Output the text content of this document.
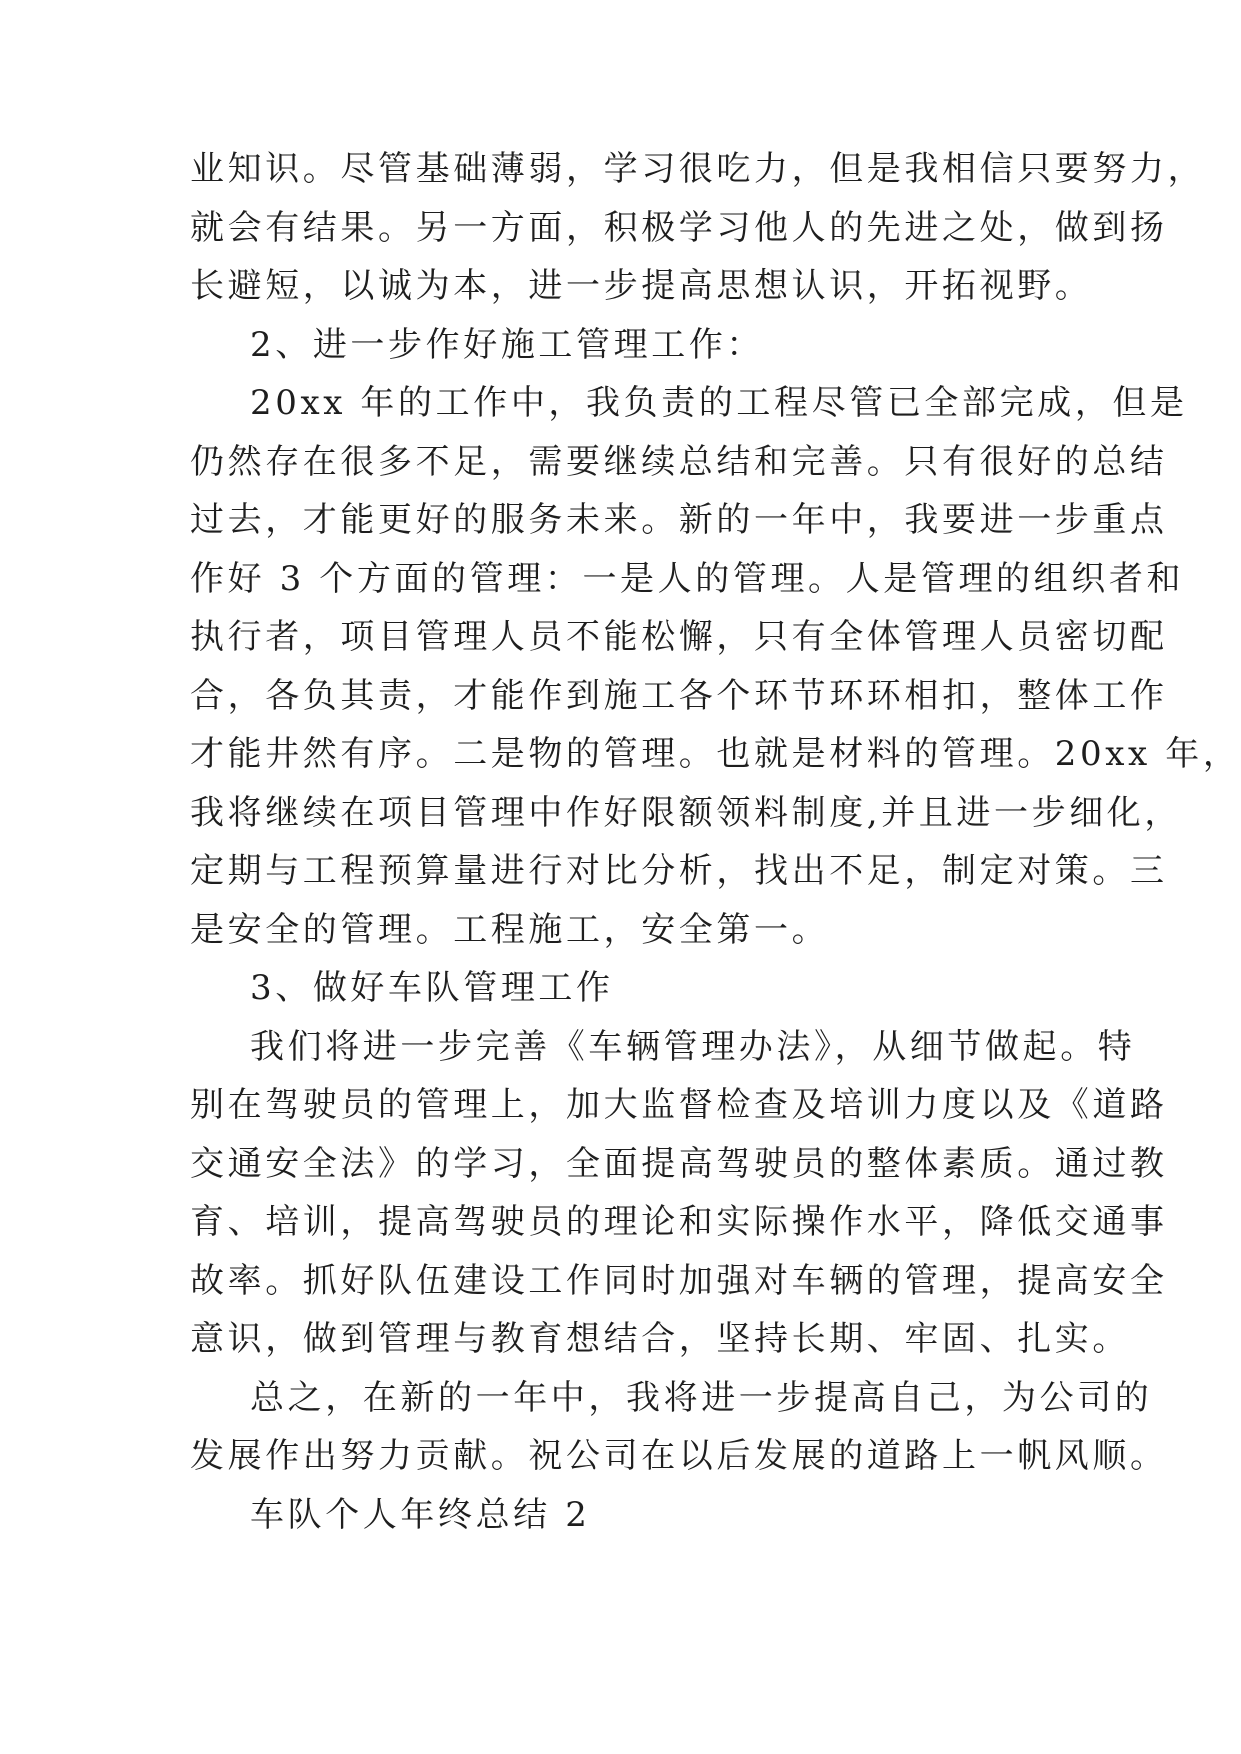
业知识。尽管基础薄弱，学习很吃力，但是我相信只要努力，
就会有结果。另一方面，积极学习他人的先进之处，做到扬
长避短，以诚为本，进一步提高思想认识，开拓视野。
2、进一步作好施工管理工作：
20xx 年的工作中，我负责的工程尽管已全部完成，但是
仍然存在很多不足，需要继续总结和完善。只有很好的总结
过去，才能更好的服务未来。新的一年中，我要进一步重点
作好 3 个方面的管理：一是人的管理。人是管理的组织者和
执行者，项目管理人员不能松懈，只有全体管理人员密切配
合，各负其责，才能作到施工各个环节环环相扣，整体工作
才能井然有序。二是物的管理。也就是材料的管理。20xx 年，
我将继续在项目管理中作好限额领料制度,并且进一步细化，
定期与工程预算量进行对比分析，找出不足，制定对策。三
是安全的管理。工程施工，安全第一。
3、做好车队管理工作
我们将进一步完善《车辆管理办法》，从细节做起。特
别在驾驶员的管理上，加大监督检查及培训力度以及《道路
交通安全法》的学习，全面提高驾驶员的整体素质。通过教
育、培训，提高驾驶员的理论和实际操作水平，降低交通事
故率。抓好队伍建设工作同时加强对车辆的管理，提高安全
意识，做到管理与教育想结合，坚持长期、牢固、扎实。
总之，在新的一年中，我将进一步提高自己，为公司的
发展作出努力贡献。祝公司在以后发展的道路上一帆风顺。
车队个人年终总结 2
